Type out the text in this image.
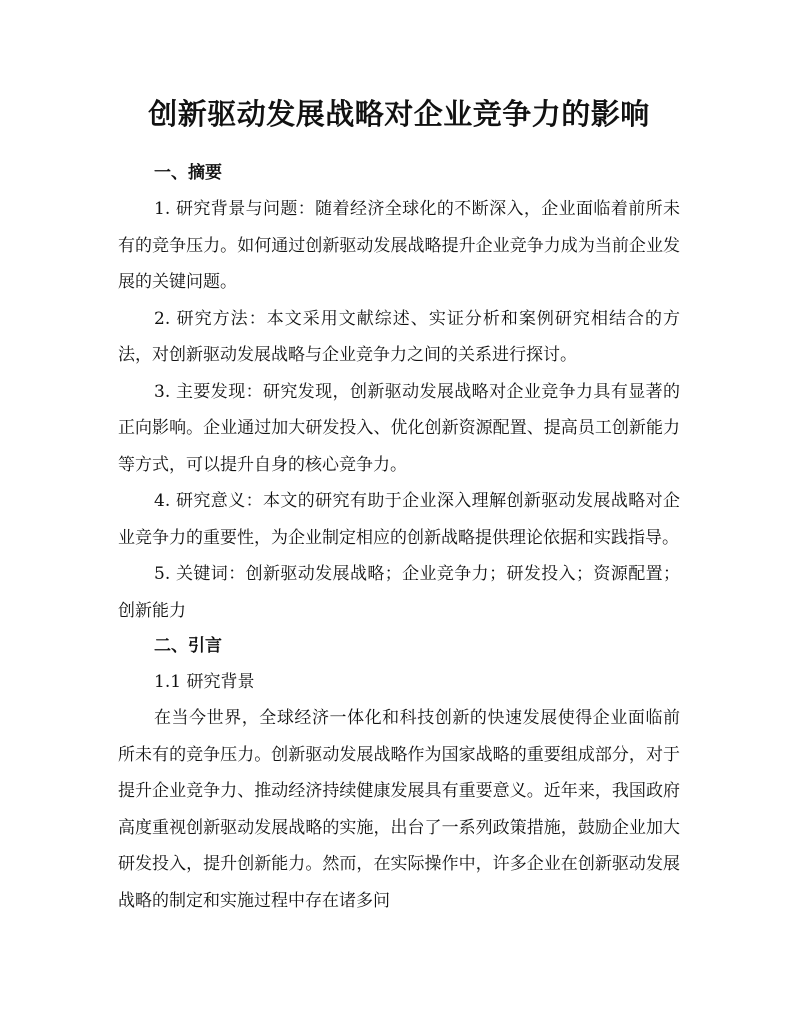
创新驱动发展战略对企业竞争力的影响
一、摘要

1. 研究背景与问题：随着经济全球化的不断深入，企业面临着前所未有的竞争压力。如何通过创新驱动发展战略提升企业竞争力成为当前企业发展的关键问题。

2. 研究方法：本文采用文献综述、实证分析和案例研究相结合的方法，对创新驱动发展战略与企业竞争力之间的关系进行探讨。

3. 主要发现：研究发现，创新驱动发展战略对企业竞争力具有显著的正向影响。企业通过加大研发投入、优化创新资源配置、提高员工创新能力等方式，可以提升自身的核心竞争力。

4. 研究意义：本文的研究有助于企业深入理解创新驱动发展战略对企业竞争力的重要性，为企业制定相应的创新战略提供理论依据和实践指导。

5. 关键词：创新驱动发展战略；企业竞争力；研发投入；资源配置；创新能力

二、引言

1.1 研究背景

在当今世界，全球经济一体化和科技创新的快速发展使得企业面临前所未有的竞争压力。创新驱动发展战略作为国家战略的重要组成部分，对于提升企业竞争力、推动经济持续健康发展具有重要意义。近年来，我国政府高度重视创新驱动发展战略的实施，出台了一系列政策措施，鼓励企业加大研发投入，提升创新能力。然而，在实际操作中，许多企业在创新驱动发展战略的制定和实施过程中存在诸多问
